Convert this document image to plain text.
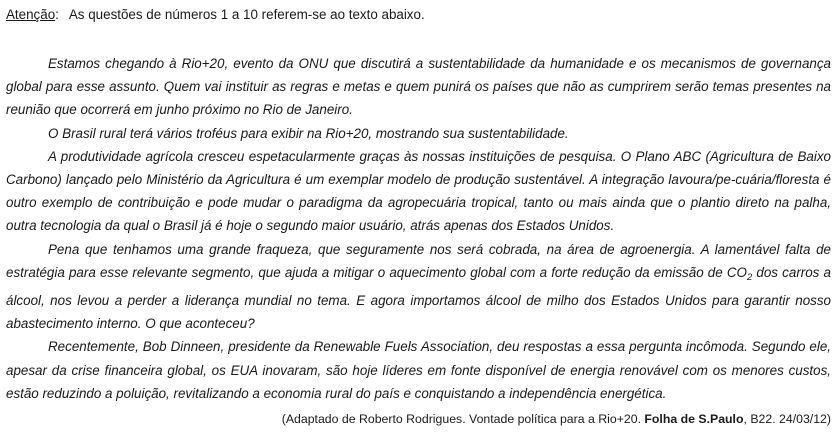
Atenção: As questões de números 1 a 10 referem-se ao texto abaixo.

Estamos chegando à Rio+20, evento da ONU que discutirá a sustentabilidade da humanidade e os mecanismos de governança global para esse assunto. Quem vai instituir as regras e metas e quem punirá os países que não as cumprirem serão temas presentes na reunião que ocorrerá em junho próximo no Rio de Janeiro.

O Brasil rural terá vários troféus para exibir na Rio+20, mostrando sua sustentabilidade.

A produtividade agrícola cresceu espetacularmente graças às nossas instituições de pesquisa. O Plano ABC (Agricultura de Baixo Carbono) lançado pelo Ministério da Agricultura é um exemplar modelo de produção sustentável. A integração lavoura/pe-cuária/floresta é outro exemplo de contribuição e pode mudar o paradigma da agropecuária tropical, tanto ou mais ainda que o plantio direto na palha, outra tecnologia da qual o Brasil já é hoje o segundo maior usuário, atrás apenas dos Estados Unidos.

Pena que tenhamos uma grande fraqueza, que seguramente nos será cobrada, na área de agroenergia. A lamentável falta de estratégia para esse relevante segmento, que ajuda a mitigar o aquecimento global com a forte redução da emissão de $CO_2$ dos carros a álcool, nos levou a perder a liderança mundial no tema. E agora importamos álcool de milho dos Estados Unidos para garantir nosso abastecimento interno. O que aconteceu?

Recentemente, Bob Dinneen, presidente da Renewable Fuels Association, deu respostas a essa pergunta incômoda. Segundo ele, apesar da crise financeira global, os EUA inovaram, são hoje líderes em fonte disponível de energia renovável com os menores custos, estão reduzindo a poluição, revitalizando a economia rural do país e conquistando a independência energética.

(Adaptado de Roberto Rodrigues. Vontade política para a Rio+20. Folha de S.Paulo, B22. 24/03/12)
